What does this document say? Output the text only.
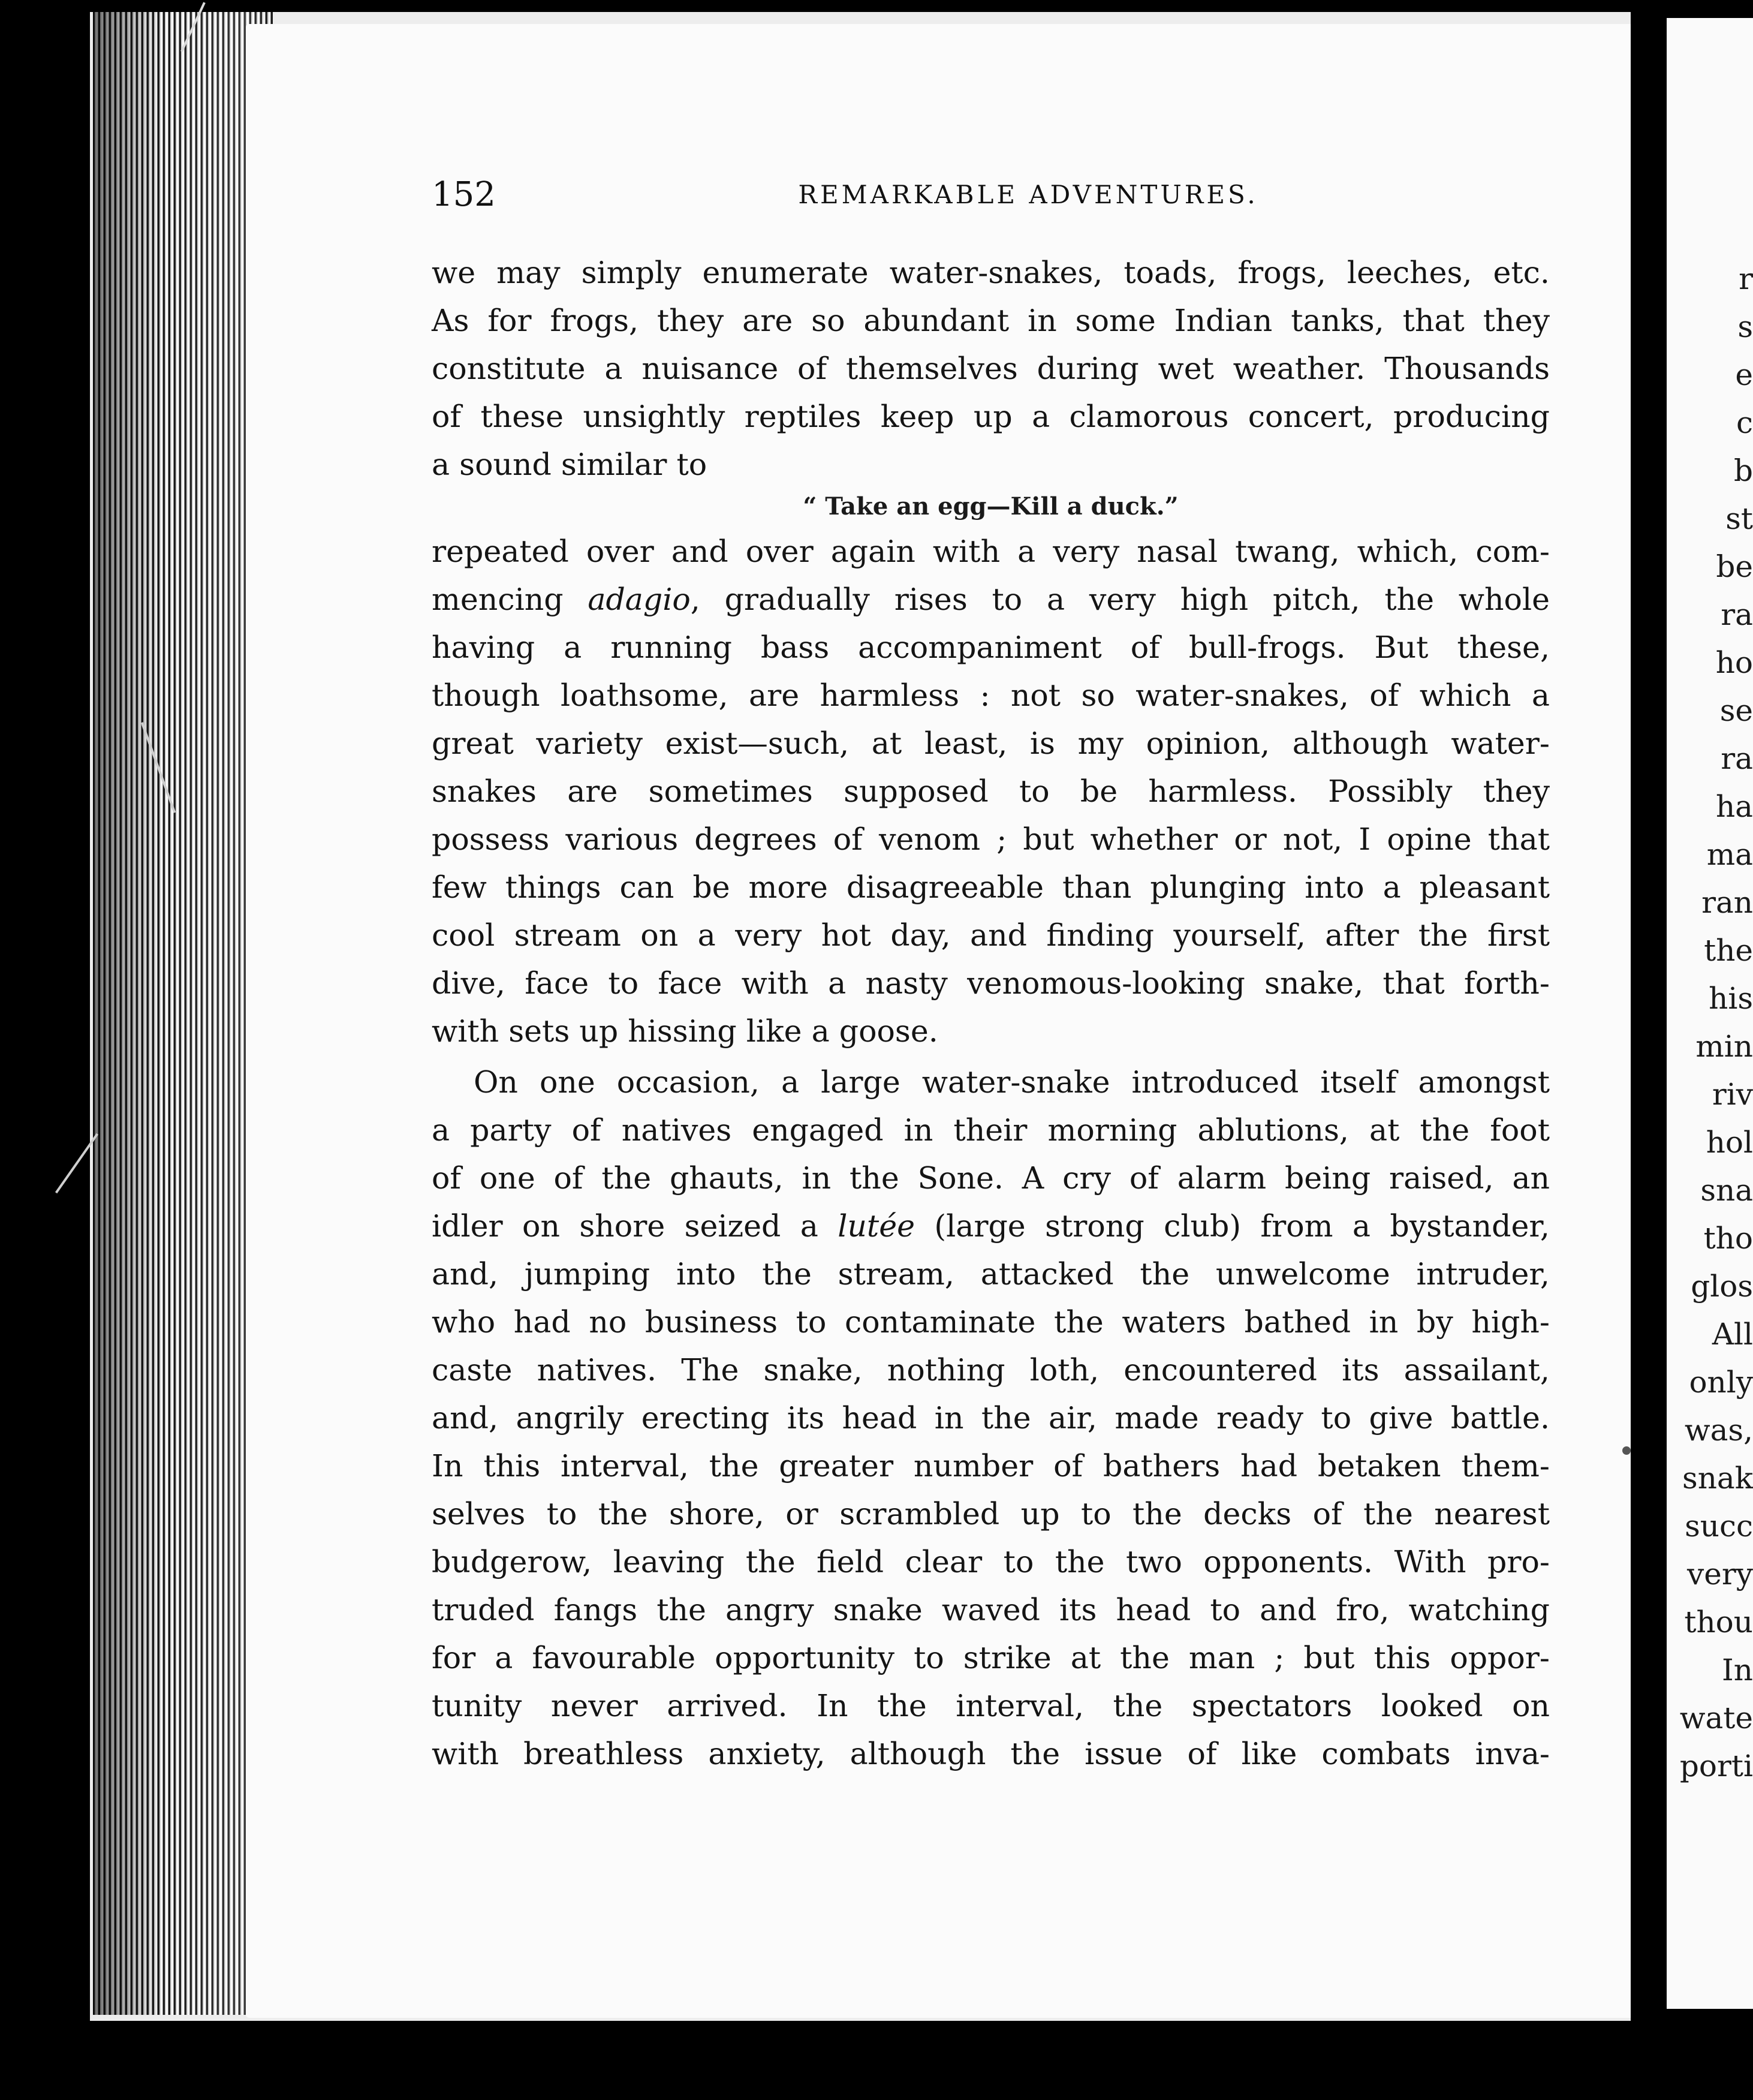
r
s
e
c
b
st
be
ra
ho
se
ra
ha
ma
ran
the
his
min
riv
hol
sna
tho
glos
All
only
was,
snak
succ
very
thou
In
wate
porti
152	REMARKABLE ADVENTURES.
we may simply enumerate water-snakes, toads, frogs, leeches, etc.
As for frogs, they are so abundant in some Indian tanks, that they
constitute a nuisance of themselves during wet weather. Thousands
of these unsightly reptiles keep up a clamorous concert, producing
a sound similar to
“ Take an egg—Kill a duck.”
repeated over and over again with a very nasal twang, which, com-
mencing adagio, gradually rises to a very high pitch, the whole
having a running bass accompaniment of bull-frogs. But these,
though loathsome, are harmless : not so water-snakes, of which a
great variety exist—such, at least, is my opinion, although water-
snakes are sometimes supposed to be harmless. Possibly they
possess various degrees of venom ; but whether or not, I opine that
few things can be more disagreeable than plunging into a pleasant
cool stream on a very hot day, and finding yourself, after the first
dive, face to face with a nasty venomous-looking snake, that forth-
with sets up hissing like a goose.
On one occasion, a large water-snake introduced itself amongst
a party of natives engaged in their morning ablutions, at the foot
of one of the ghauts, in the Sone. A cry of alarm being raised, an
idler on shore seized a lutée (large strong club) from a bystander,
and, jumping into the stream, attacked the unwelcome intruder,
who had no business to contaminate the waters bathed in by high-
caste natives. The snake, nothing loth, encountered its assailant,
and, angrily erecting its head in the air, made ready to give battle.
In this interval, the greater number of bathers had betaken them-
selves to the shore, or scrambled up to the decks of the nearest
budgerow, leaving the field clear to the two opponents. With pro-
truded fangs the angry snake waved its head to and fro, watching
for a favourable opportunity to strike at the man ; but this oppor-
tunity never arrived. In the interval, the spectators looked on
with breathless anxiety, although the issue of like combats inva-
